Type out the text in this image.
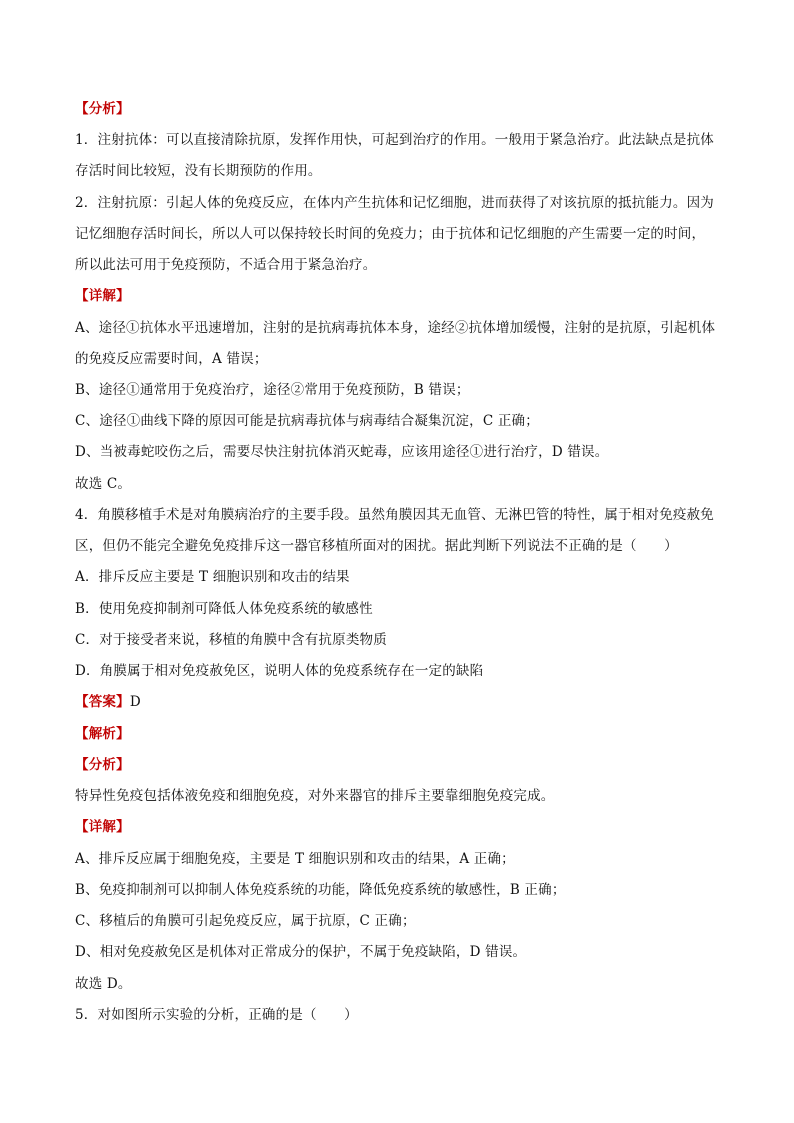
【分析】
1．注射抗体：可以直接清除抗原，发挥作用快，可起到治疗的作用。一般用于紧急治疗。此法缺点是抗体
存活时间比较短，没有长期预防的作用。
2．注射抗原：引起人体的免疫反应，在体内产生抗体和记忆细胞，进而获得了对该抗原的抵抗能力。因为
记忆细胞存活时间长，所以人可以保持较长时间的免疫力；由于抗体和记忆细胞的产生需要一定的时间，
所以此法可用于免疫预防，不适合用于紧急治疗。
【详解】
A、途径①抗体水平迅速增加，注射的是抗病毒抗体本身，途经②抗体增加缓慢，注射的是抗原，引起机体
的免疫反应需要时间，A 错误；
B、途径①通常用于免疫治疗，途径②常用于免疫预防，B 错误；
C、途径①曲线下降的原因可能是抗病毒抗体与病毒结合凝集沉淀，C 正确；
D、当被毒蛇咬伤之后，需要尽快注射抗体消灭蛇毒，应该用途径①进行治疗，D 错误。
故选 C。
4．角膜移植手术是对角膜病治疗的主要手段。虽然角膜因其无血管、无淋巴管的特性，属于相对免疫赦免
区，但仍不能完全避免免疫排斥这一器官移植所面对的困扰。据此判断下列说法不正确的是（　　）
A．排斥反应主要是 T 细胞识别和攻击的结果
B．使用免疫抑制剂可降低人体免疫系统的敏感性
C．对于接受者来说，移植的角膜中含有抗原类物质
D．角膜属于相对免疫赦免区，说明人体的免疫系统存在一定的缺陷
【答案】D
【解析】
【分析】
特异性免疫包括体液免疫和细胞免疫，对外来器官的排斥主要靠细胞免疫完成。
【详解】
A、排斥反应属于细胞免疫，主要是 T 细胞识别和攻击的结果，A 正确；
B、免疫抑制剂可以抑制人体免疫系统的功能，降低免疫系统的敏感性，B 正确；
C、移植后的角膜可引起免疫反应，属于抗原，C 正确；
D、相对免疫赦免区是机体对正常成分的保护，不属于免疫缺陷，D 错误。
故选 D。
5．对如图所示实验的分析，正确的是（　　）
